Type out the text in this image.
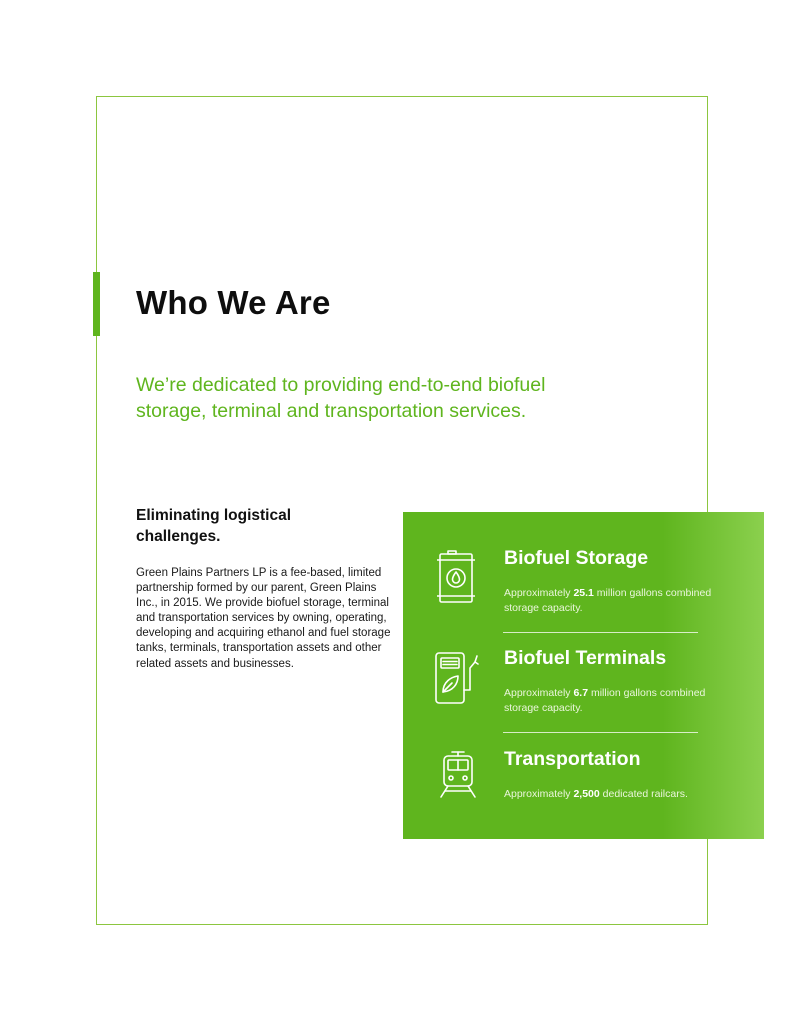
Who We Are

We’re dedicated to providing end-to-end biofuel storage, terminal and transportation services.

Eliminating logistical challenges.

Green Plains Partners LP is a fee-based, limited partnership formed by our parent, Green Plains Inc., in 2015. We provide biofuel storage, terminal and transportation services by owning, operating, developing and acquiring ethanol and fuel storage tanks, terminals, transportation assets and other related assets and businesses.

Biofuel Storage

Approximately 25.1 million gallons combined storage capacity.

Biofuel Terminals

Approximately 6.7 million gallons combined storage capacity.

Transportation

Approximately 2,500 dedicated railcars.
